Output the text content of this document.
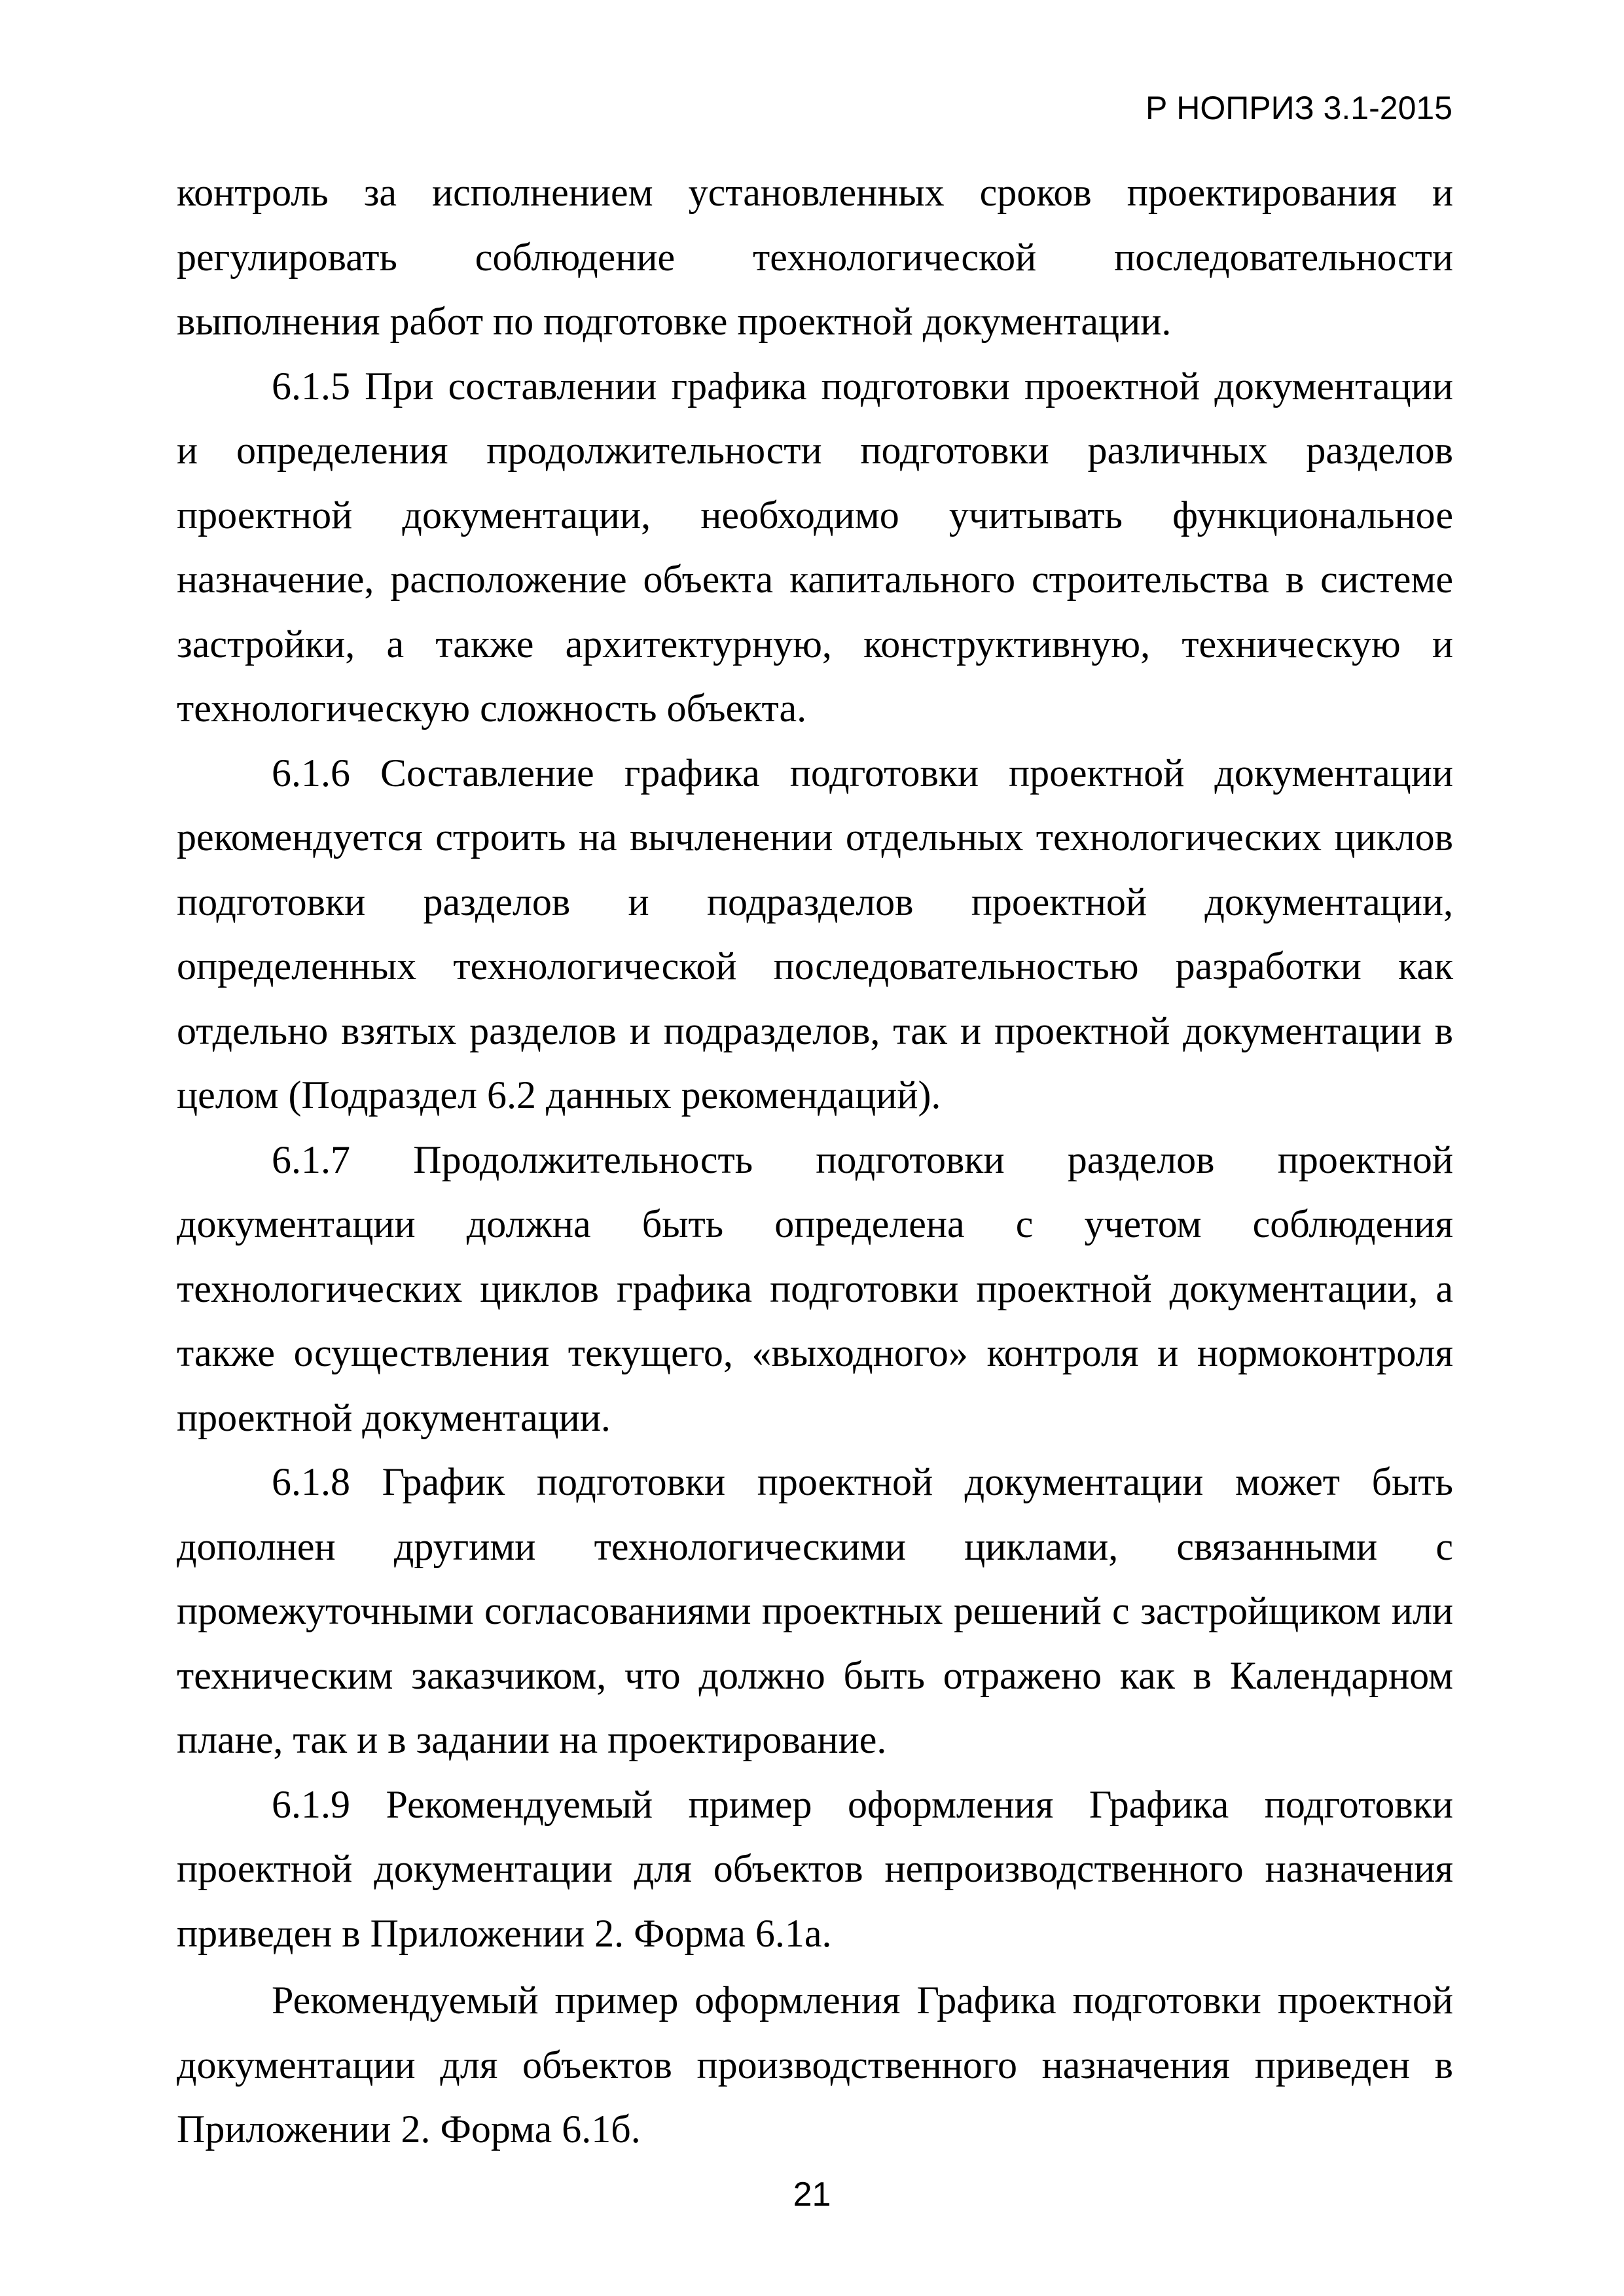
Р НОПРИЗ 3.1-2015

контроль за исполнением установленных сроков проектирования и регулировать соблюдение технологической последовательности выполнения работ по подготовке проектной документации.

6.1.5 При составлении графика подготовки проектной документации и определения продолжительности подготовки различных разделов проектной документации, необходимо учитывать функциональное назначение, расположение объекта капитального строительства в системе застройки, а также архитектурную, конструктивную, техническую и технологическую сложность объекта.

6.1.6 Составление графика подготовки проектной документации рекомендуется строить на вычленении отдельных технологических циклов подготовки разделов и подразделов проектной документации, определенных технологической последовательностью разработки как отдельно взятых разделов и подразделов, так и проектной документации в целом (Подраздел 6.2 данных рекомендаций).

6.1.7 Продолжительность подготовки разделов проектной документации должна быть определена с учетом соблюдения технологических циклов графика подготовки проектной документации, а также осуществления текущего, «выходного» контроля и нормоконтроля проектной документации.

6.1.8 График подготовки проектной документации может быть дополнен другими технологическими циклами, связанными с промежуточными согласованиями проектных решений с застройщиком или техническим заказчиком, что должно быть отражено как в Календарном плане, так и в задании на проектирование.

6.1.9 Рекомендуемый пример оформления Графика подготовки проектной документации для объектов непроизводственного назначения приведен в Приложении 2. Форма 6.1а.

Рекомендуемый пример оформления Графика подготовки проектной документации для объектов производственного назначения приведен в Приложении 2. Форма 6.1б.

21
